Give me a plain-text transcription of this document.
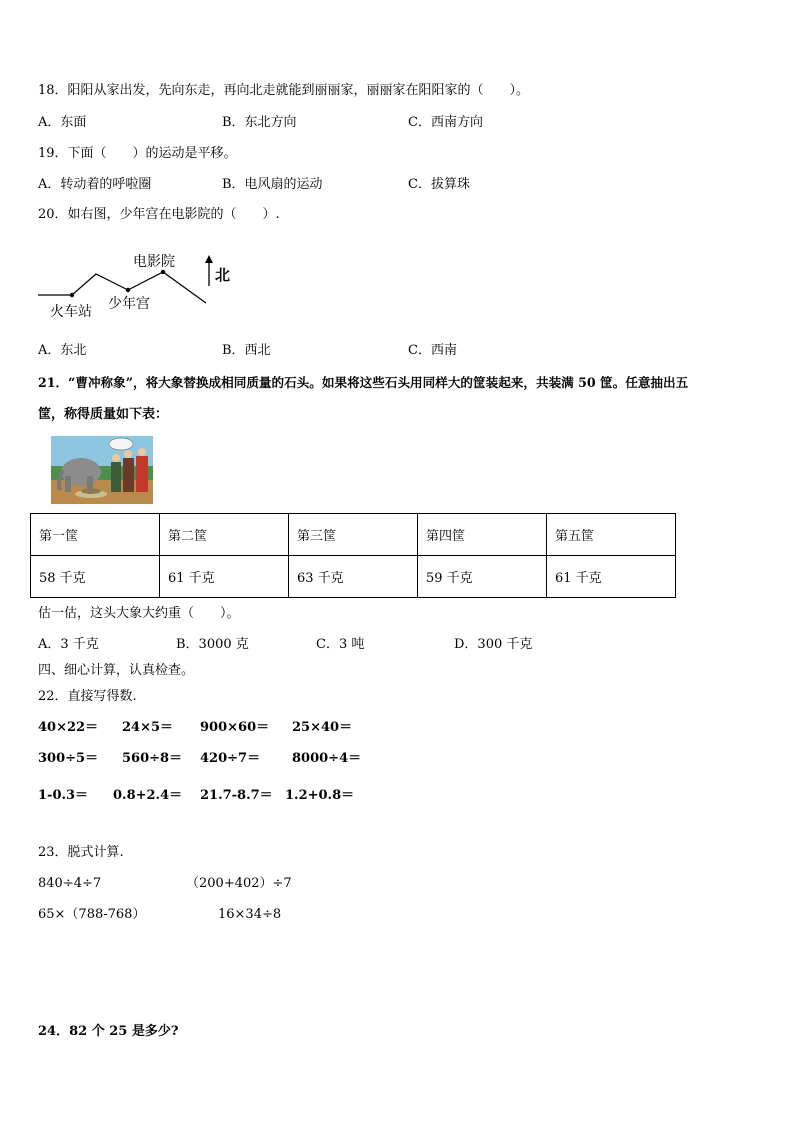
18．阳阳从家出发，先向东走，再向北走就能到丽丽家，丽丽家在阳阳家的（　　）。
A．东面	B．东北方向	C．西南方向
19．下面（　　）的运动是平移。
A．转动着的呼啦圈	B．电风扇的运动	C．拔算珠
20．如右图，少年宫在电影院的（　　）.
电影院
火车站 少年宫
北
A．东北	B．西北	C．西南
21．“曹冲称象”，将大象替换成相同质量的石头。如果将这些石头用同样大的筐装起来，共装满 50 筐。任意抽出五
筐，称得质量如下表：
第一筐	第二筐	第三筐	第四筐	第五筐
58 千克	61 千克	63 千克	59 千克	61 千克
估一估，这头大象大约重（　　）。
A．3 千克	B．3000 克	C．3 吨	D．300 千克
四、细心计算，认真检查。
22．直接写得数.
40×22＝ 24×5＝ 900×60＝ 25×40＝
300÷5＝ 560÷8＝ 420÷7＝ 8000÷4＝
1-0.3＝ 0.8+2.4＝ 21.7-8.7＝ 1.2+0.8＝
23．脱式计算.
840÷4÷7	（200+402）÷7
65×（788-768）	16×34÷8
24．82 个 25 是多少?
